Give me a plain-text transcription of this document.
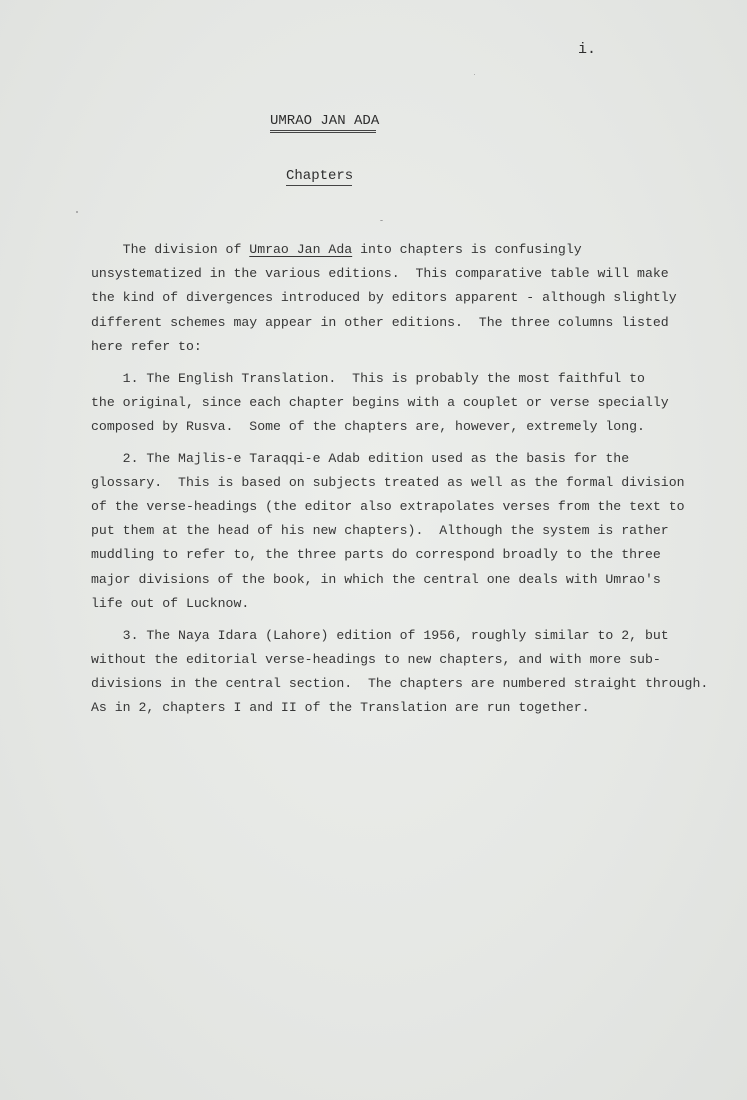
i.
UMRAO JAN ADA
Chapters

The division of Umrao Jan Ada into chapters is confusingly
unsystematized in the various editions.  This comparative table will make
the kind of divergences introduced by editors apparent - although slightly
different schemes may appear in other editions.  The three columns listed
here refer to:

1. The English Translation.  This is probably the most faithful to
the original, since each chapter begins with a couplet or verse specially
composed by Rusva.  Some of the chapters are, however, extremely long.

2. The Majlis-e Taraqqi-e Adab edition used as the basis for the
glossary.  This is based on subjects treated as well as the formal division
of the verse-headings (the editor also extrapolates verses from the text to
put them at the head of his new chapters).  Although the system is rather
muddling to refer to, the three parts do correspond broadly to the three
major divisions of the book, in which the central one deals with Umrao's
life out of Lucknow.

3. The Naya Idara (Lahore) edition of 1956, roughly similar to 2, but
without the editorial verse-headings to new chapters, and with more sub-
divisions in the central section.  The chapters are numbered straight through.
As in 2, chapters I and II of the Translation are run together.
